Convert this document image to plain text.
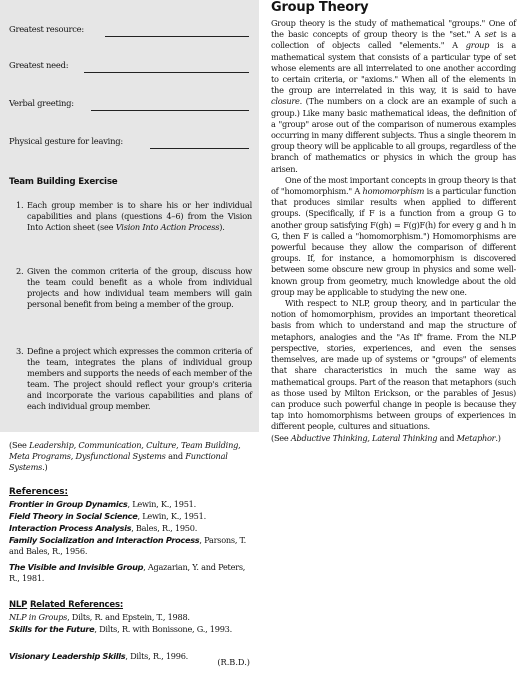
Greatest resource:
Greatest need:
Verbal greeting:
Physical gesture for leaving:
Team Building Exercise
1. Each group member is to share his or her individual capabilities and plans (questions 4–6) from the Vision Into Action sheet (see Vision Into Action Process).
2. Given the common criteria of the group, discuss how the team could benefit as a whole from individual projects and how individual team members will gain personal benefit from being a member of the group.
3. Define a project which expresses the common criteria of the team, integrates the plans of individual group members and supports the needs of each member of the team. The project should reflect your group's criteria and incorporate the various capabilities and plans of each individual group member.
(See Leadership, Communication, Culture, Team Building, Meta Programs, Dysfunctional Systems and Functional Systems.)
References:
Frontier in Group Dynamics, Lewin, K., 1951.
Field Theory in Social Science, Lewin, K., 1951.
Interaction Process Analysis, Bales, R., 1950.
Family Socialization and Interaction Process, Parsons, T. and Bales, R., 1956.
The Visible and Invisible Group, Agazarian, Y. and Peters, R., 1981.
NLP Related References:
NLP in Groups, Dilts, R. and Epstein, T., 1988.
Skills for the Future, Dilts, R. with Bonissone, G., 1993.
Visionary Leadership Skills, Dilts, R., 1996.
(R.B.D.)
Group Theory

Group theory is the study of mathematical "groups." One of the basic concepts of group theory is the "set." A set is a collection of objects called "elements." A group is a mathematical system that consists of a particular type of set whose elements are all interrelated to one another according to certain criteria, or "axioms." When all of the elements in the group are interrelated in this way, it is said to have closure. (The numbers on a clock are an example of such a group.) Like many basic mathematical ideas, the definition of a "group" arose out of the comparison of numerous examples occurring in many different subjects. Thus a single theorem in group theory will be applicable to all groups, regardless of the branch of mathematics or physics in which the group has arisen.

One of the most important concepts in group theory is that of "homomorphism." A homomorphism is a particular function that produces similar results when applied to different groups. (Specifically, if F is a function from a group G to another group satisfying F(gh) = F(g)F(h) for every g and h in G, then F is called a "homomorphism.") Homomorphisms are powerful because they allow the comparison of different groups. If, for instance, a homomorphism is discovered between some obscure new group in physics and some well-known group from geometry, much knowledge about the old group may be applicable to studying the new one.

With respect to NLP, group theory, and in particular the notion of homomorphism, provides an important theoretical basis from which to understand and map the structure of metaphors, analogies and the "As If" frame. From the NLP perspective, stories, experiences, and even the senses themselves, are made up of systems or "groups" of elements that share characteristics in much the same way as mathematical groups. Part of the reason that metaphors (such as those used by Milton Erickson, or the parables of Jesus) can produce such powerful change in people is because they tap into homomorphisms between groups of experiences in different people, cultures and situations.

(See Abductive Thinking, Lateral Thinking and Metaphor.)
